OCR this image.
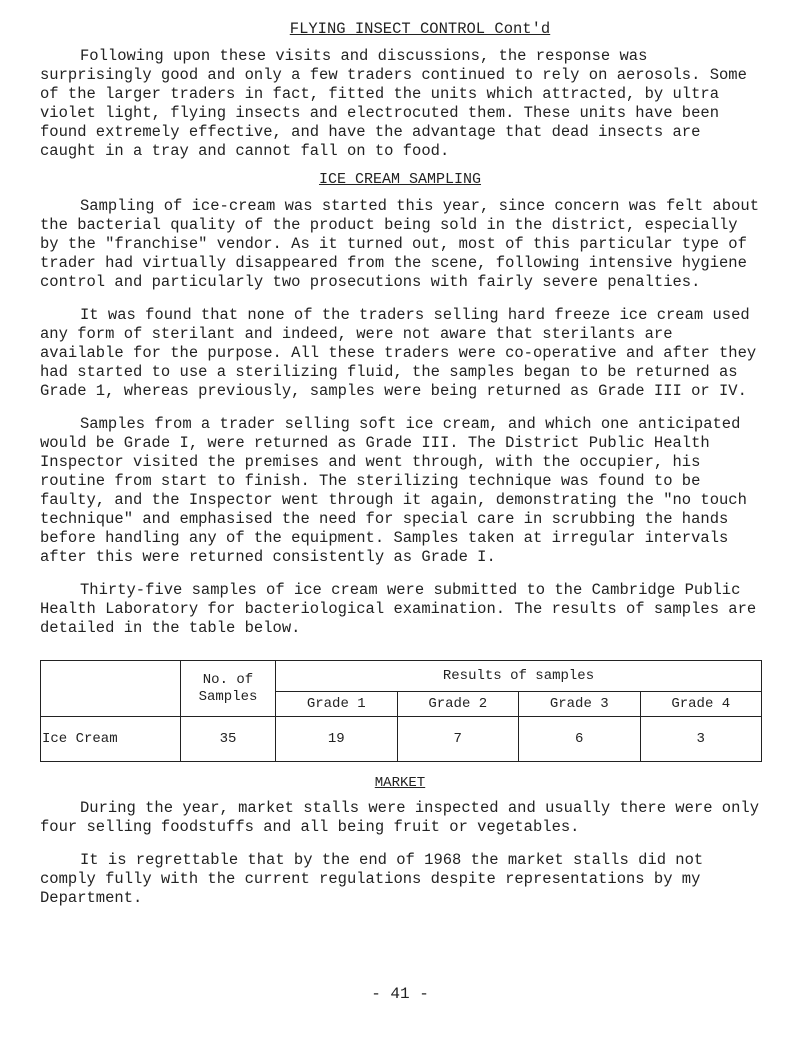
FLYING INSECT CONTROL Cont'd

Following upon these visits and discussions, the response was surprisingly good and only a few traders continued to rely on aerosols. Some of the larger traders in fact, fitted the units which attracted, by ultra violet light, flying insects and electrocuted them. These units have been found extremely effective, and have the advantage that dead insects are caught in a tray and cannot fall on to food.

ICE CREAM SAMPLING

Sampling of ice-cream was started this year, since concern was felt about the bacterial quality of the product being sold in the district, especially by the "franchise" vendor. As it turned out, most of this particular type of trader had virtually disappeared from the scene, following intensive hygiene control and particularly two prosecutions with fairly severe penalties.

It was found that none of the traders selling hard freeze ice cream used any form of sterilant and indeed, were not aware that sterilants are available for the purpose. All these traders were co-operative and after they had started to use a sterilizing fluid, the samples began to be returned as Grade 1, whereas previously, samples were being returned as Grade III or IV.

Samples from a trader selling soft ice cream, and which one anticipated would be Grade I, were returned as Grade III. The District Public Health Inspector visited the premises and went through, with the occupier, his routine from start to finish. The sterilizing technique was found to be faulty, and the Inspector went through it again, demonstrating the "no touch technique" and emphasised the need for special care in scrubbing the hands before handling any of the equipment. Samples taken at irregular intervals after this were returned consistently as Grade I.

Thirty-five samples of ice cream were submitted to the Cambridge Public Health Laboratory for bacteriological examination. The results of samples are detailed in the table below.

	No. of Samples	Results of samples			
		Grade 1	Grade 2	Grade 3	Grade 4
Ice Cream	35	19	7	6	3
MARKET

During the year, market stalls were inspected and usually there were only four selling foodstuffs and all being fruit or vegetables.

It is regrettable that by the end of 1968 the market stalls did not comply fully with the current regulations despite representations by my Department.

- 41 -
